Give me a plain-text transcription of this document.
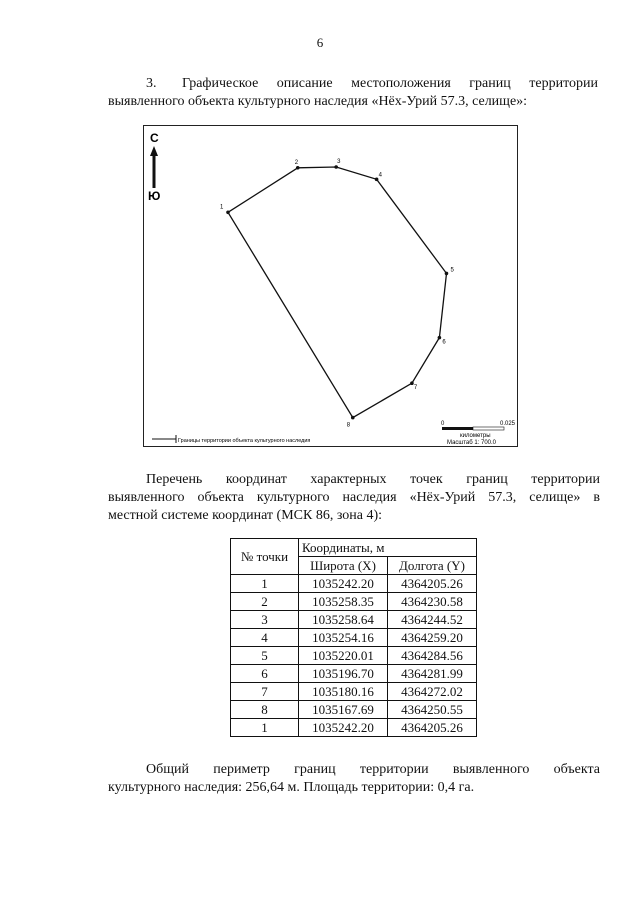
6
3. Графическое описание местоположения границ территории
выявленного объекта культурного наследия «Нёх-Урий 57.3, селище»:
С
Ю
1
2	3
4
5
6
7
8	0	0.025
километры
Масштаб 1: 700.0
Границы территории объекта культурного наследия
Перечень координат характерных точек границ территории
выявленного объекта культурного наследия «Нёх-Урий 57.3, селище» в
местной системе координат (МСК 86, зона 4):
№ точки	Координаты, м	
	Широта (X)	Долгота (Y)
1	1035242.20	4364205.26
2	1035258.35	4364230.58
3	1035258.64	4364244.52
4	1035254.16	4364259.20
5	1035220.01	4364284.56
6	1035196.70	4364281.99
7	1035180.16	4364272.02
8	1035167.69	4364250.55
1	1035242.20	4364205.26
Общий периметр границ территории выявленного объекта
культурного наследия: 256,64 м. Площадь территории: 0,4 га.
